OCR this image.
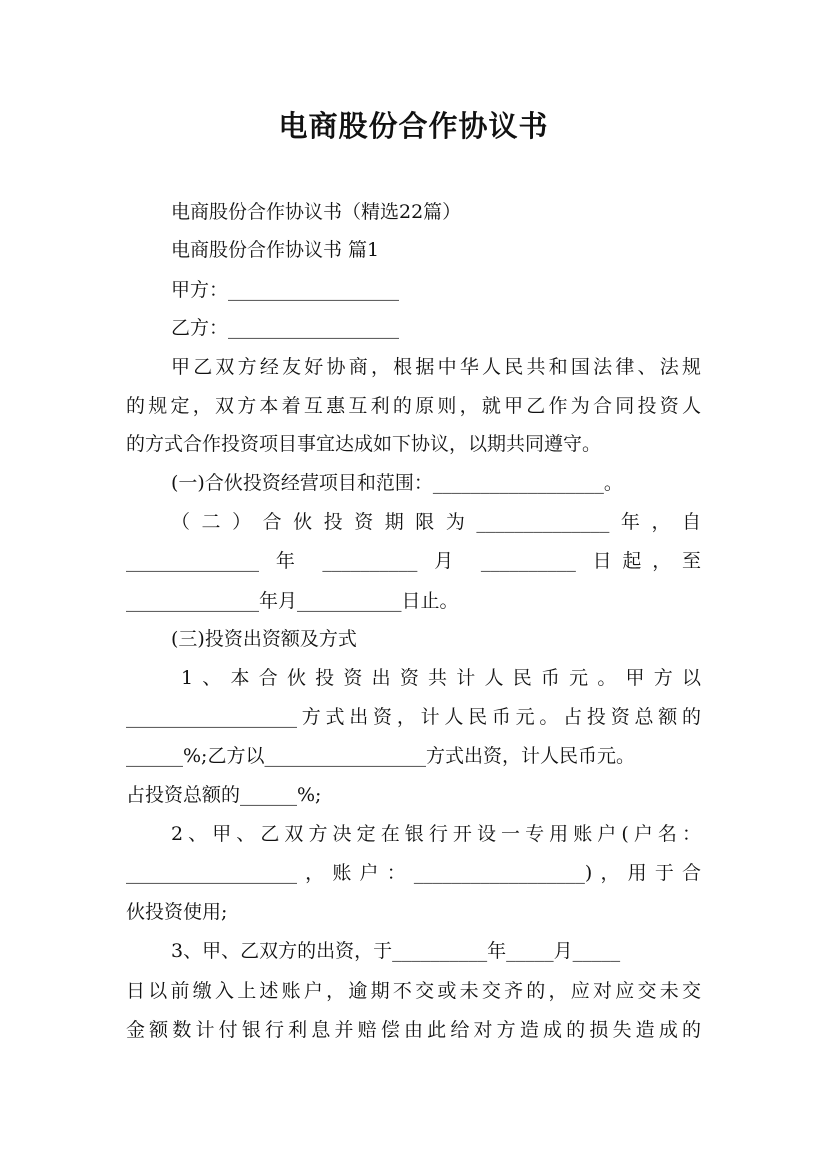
电商股份合作协议书
电商股份合作协议书（精选22篇）
电商股份合作协议书 篇1
甲方：__________________
乙方：__________________
甲乙双方经友好协商，根据中华人民共和国法律、法规
的规定，双方本着互惠互利的原则，就甲乙作为合同投资人
的方式合作投资项目事宜达成如下协议，以期共同遵守。
(一)合伙投资经营项目和范围：__________________。
（二）合伙投资期限为______________年，自
______________ 年 __________ 月 __________ 日起，至
______________年月___________日止。
(三)投资出资额及方式
1、本合伙投资出资共计人民币元。甲方以
__________________方式出资，计人民币元。占投资总额的
______%;乙方以_________________方式出资，计人民币元。
占投资总额的______%;
2、甲、乙双方决定在银行开设一专用账户(户名：
__________________，账户：__________________)，用于合
伙投资使用;
3、甲、乙双方的出资，于__________年_____月_____
日以前缴入上述账户，逾期不交或未交齐的，应对应交未交
金额数计付银行利息并赔偿由此给对方造成的损失造成的
